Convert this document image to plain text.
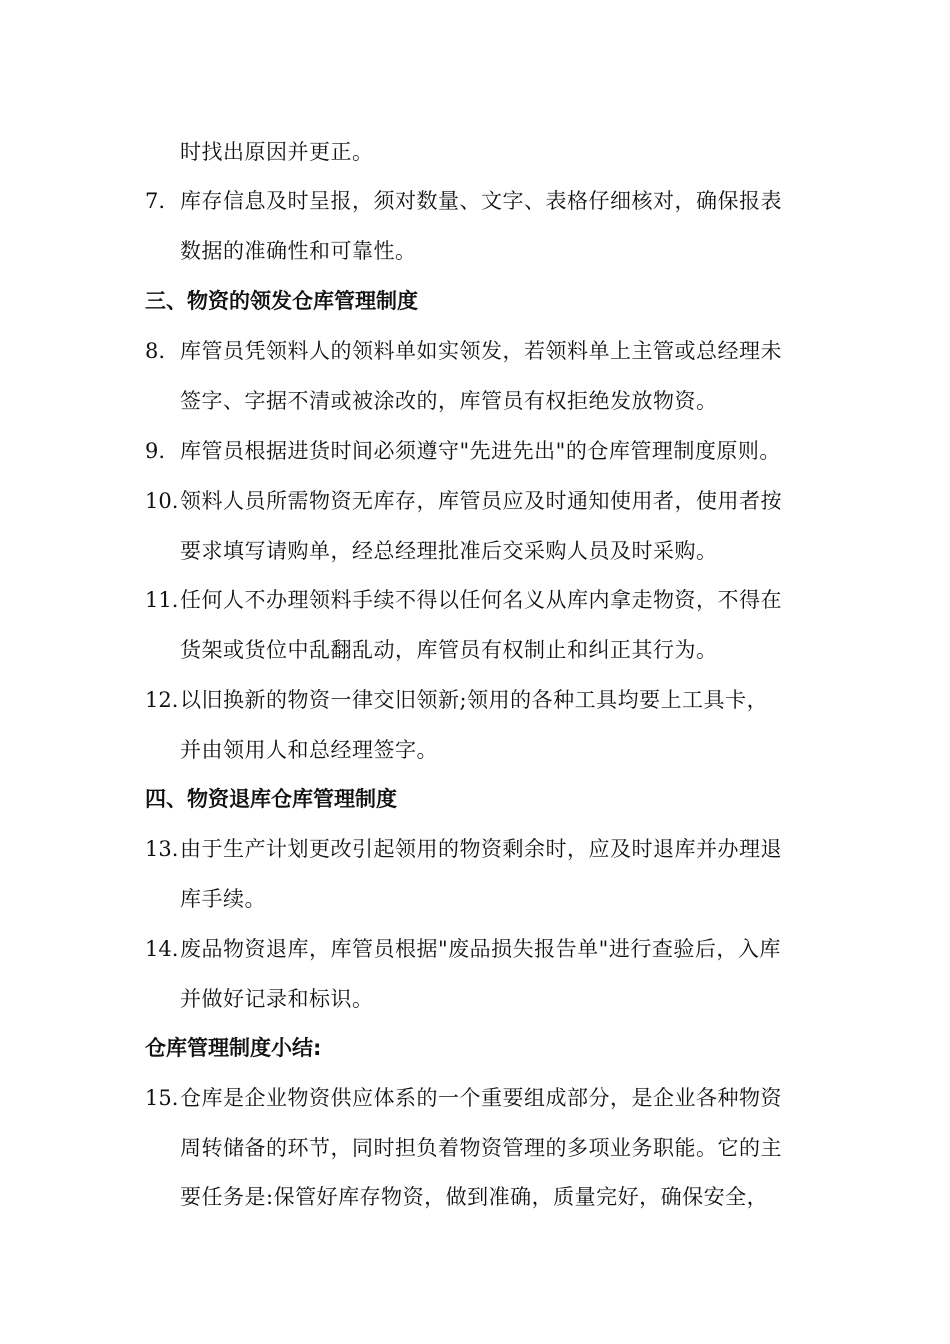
时找出原因并更正。
7. 库存信息及时呈报，须对数量、文字、表格仔细核对，确保报表
数据的准确性和可靠性。
三、物资的领发仓库管理制度
8. 库管员凭领料人的领料单如实领发，若领料单上主管或总经理未
签字、字据不清或被涂改的，库管员有权拒绝发放物资。
9. 库管员根据进货时间必须遵守"先进先出"的仓库管理制度原则。
10. 领料人员所需物资无库存，库管员应及时通知使用者，使用者按
要求填写请购单，经总经理批准后交采购人员及时采购。
11. 任何人不办理领料手续不得以任何名义从库内拿走物资，不得在
货架或货位中乱翻乱动，库管员有权制止和纠正其行为。
12. 以旧换新的物资一律交旧领新;领用的各种工具均要上工具卡，
并由领用人和总经理签字。
四、物资退库仓库管理制度
13. 由于生产计划更改引起领用的物资剩余时，应及时退库并办理退
库手续。
14. 废品物资退库，库管员根据"废品损失报告单"进行查验后，入库
并做好记录和标识。
仓库管理制度小结:
15. 仓库是企业物资供应体系的一个重要组成部分，是企业各种物资
周转储备的环节，同时担负着物资管理的多项业务职能。它的主
要任务是:保管好库存物资，做到准确，质量完好，确保安全，
